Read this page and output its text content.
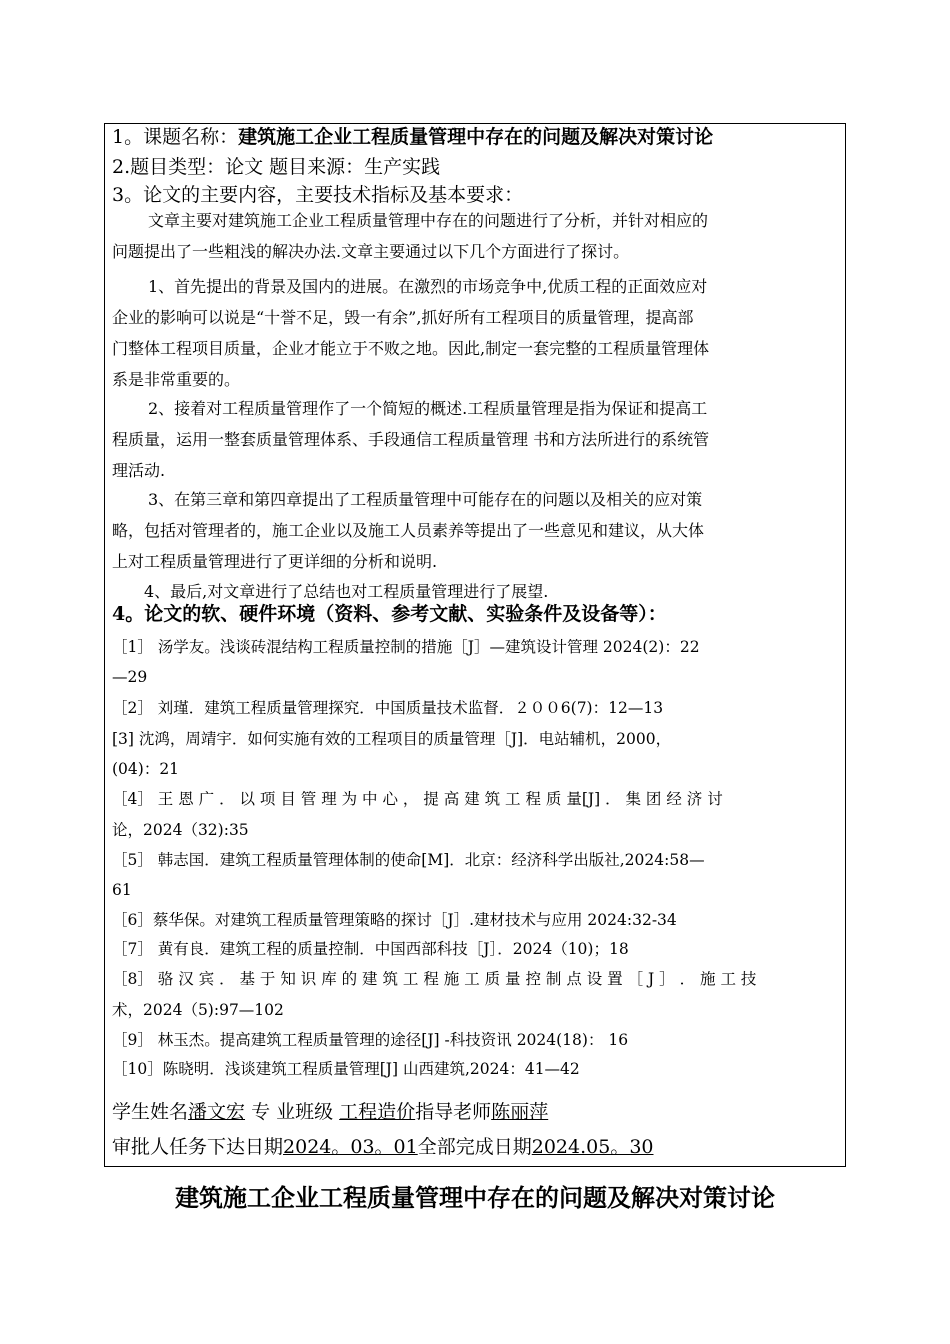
1。课题名称：建筑施工企业工程质量管理中存在的问题及解决对策讨论
2.题目类型：论文 题目来源：生产实践
3。论文的主要内容，主要技术指标及基本要求：
文章主要对建筑施工企业工程质量管理中存在的问题进行了分析，并针对相应的
问题提出了一些粗浅的解决办法.文章主要通过以下几个方面进行了探讨。
1、首先提出的背景及国内的进展。在激烈的市场竞争中,优质工程的正面效应对
企业的影响可以说是“十誉不足，毁一有余”,抓好所有工程项目的质量管理，提高部
门整体工程项目质量，企业才能立于不败之地。因此,制定一套完整的工程质量管理体
系是非常重要的。
2、接着对工程质量管理作了一个简短的概述.工程质量管理是指为保证和提高工
程质量，运用一整套质量管理体系、手段通信工程质量管理 书和方法所进行的系统管
理活动.
3、在第三章和第四章提出了工程质量管理中可能存在的问题以及相关的应对策
略，包括对管理者的，施工企业以及施工人员素养等提出了一些意见和建议，从大体
上对工程质量管理进行了更详细的分析和说明.
4、最后,对文章进行了总结也对工程质量管理进行了展望.
4。论文的软、硬件环境（资料、参考文献、实验条件及设备等）：
［1］ 汤学友。浅谈砖混结构工程质量控制的措施［J］—建筑设计管理 2024(2)：22
—29
［2］ 刘瑾．建筑工程质量管理探究．中国质量技术监督．２００6(7)：12—13
[3] 沈鸿，周靖宇．如何实施有效的工程项目的质量管理［J]．电站辅机，2000，
(04)：21
［4］ 王 恩 广 ． 以 项 目 管 理 为 中 心 ， 提 高 建 筑 工 程 质 量[J] ． 集 团 经 济 讨
论，2024（32):35
［5］ 韩志国．建筑工程质量管理体制的使命[M]．北京：经济科学出版社,2024:58—
61
［6］蔡华保。对建筑工程质量管理策略的探讨［J］.建材技术与应用 2024:32-34
［7］ 黄有良．建筑工程的质量控制．中国西部科技［J］．2024（10)；18
［8］ 骆 汉 宾 ． 基 于 知 识 库 的 建 筑 工 程 施 工 质 量 控 制 点 设 置 ［ J ］ ． 施 工 技
术，2024（5):97—102
［9］ 林玉杰。提高建筑工程质量管理的途径[J] -科技资讯 2024(18)： 16
［10］陈晓明．浅谈建筑工程质量管理[J] 山西建筑,2024：41—42
学生姓名潘文宏 专 业班级 工程造价指导老师陈丽萍
审批人任务下达日期2024。03。01全部完成日期2024.05。30
建筑施工企业工程质量管理中存在的问题及解决对策讨论
